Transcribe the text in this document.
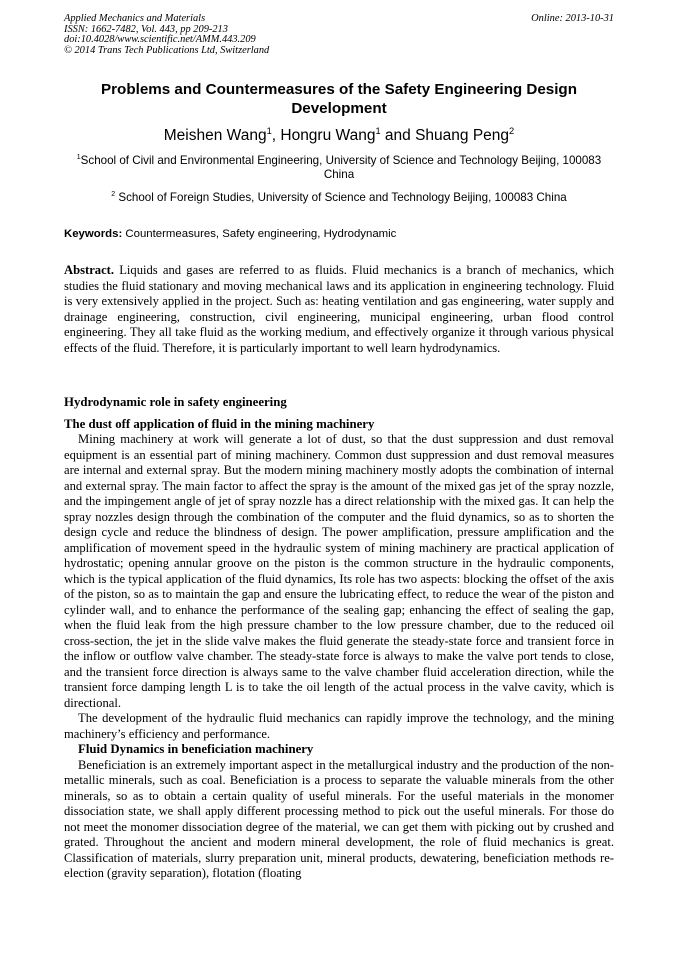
Applied Mechanics and Materials
ISSN: 1662-7482, Vol. 443, pp 209-213
doi:10.4028/www.scientific.net/AMM.443.209
© 2014 Trans Tech Publications Ltd, Switzerland
Online: 2013-10-31
Problems and Countermeasures of the Safety Engineering Design Development
Meishen Wang$^1$, Hongru Wang$^1$ and Shuang Peng$^2$
$^1$School of Civil and Environmental Engineering, University of Science and Technology Beijing, 100083 China
$^2$ School of Foreign Studies, University of Science and Technology Beijing, 100083 China
Keywords: Countermeasures, Safety engineering, Hydrodynamic
Abstract. Liquids and gases are referred to as fluids. Fluid mechanics is a branch of mechanics, which studies the fluid stationary and moving mechanical laws and its application in engineering technology. Fluid is very extensively applied in the project. Such as: heating ventilation and gas engineering, water supply and drainage engineering, construction, civil engineering, municipal engineering, urban flood control engineering. They all take fluid as the working medium, and effectively organize it through various physical effects of the fluid. Therefore, it is particularly important to well learn hydrodynamics.
Hydrodynamic role in safety engineering
The dust off application of fluid in the mining machinery

Mining machinery at work will generate a lot of dust, so that the dust suppression and dust removal equipment is an essential part of mining machinery. Common dust suppression and dust removal measures are internal and external spray. But the modern mining machinery mostly adopts the combination of internal and external spray. The main factor to affect the spray is the amount of the mixed gas jet of the spray nozzle, and the impingement angle of jet of spray nozzle has a direct relationship with the mixed gas. It can help the spray nozzles design through the combination of the computer and the fluid dynamics, so as to shorten the design cycle and reduce the blindness of design. The power amplification, pressure amplification and the amplification of movement speed in the hydraulic system of mining machinery are practical application of hydrostatic; opening annular groove on the piston is the common structure in the hydraulic components, which is the typical application of the fluid dynamics, Its role has two aspects: blocking the offset of the axis of the piston, so as to maintain the gap and ensure the lubricating effect, to reduce the wear of the piston and cylinder wall, and to enhance the performance of the sealing gap; enhancing the effect of sealing the gap, when the fluid leak from the high pressure chamber to the low pressure chamber, due to the reduced oil cross-section, the jet in the slide valve makes the fluid generate the steady-state force and transient force in the inflow or outflow valve chamber. The steady-state force is always to make the valve port tends to close, and the transient force direction is always same to the valve chamber fluid acceleration direction, while the transient force damping length L is to take the oil length of the actual process in the valve cavity, which is directional.

The development of the hydraulic fluid mechanics can rapidly improve the technology, and the mining machinery’s efficiency and performance.

Fluid Dynamics in beneficiation machinery

Beneficiation is an extremely important aspect in the metallurgical industry and the production of the non-metallic minerals, such as coal. Beneficiation is a process to separate the valuable minerals from the other minerals, so as to obtain a certain quality of useful minerals. For the useful materials in the monomer dissociation state, we shall apply different processing method to pick out the useful minerals. For those do not meet the monomer dissociation degree of the material, we can get them with picking out by crushed and grated. Throughout the ancient and modern mineral development, the role of fluid mechanics is great. Classification of materials, slurry preparation unit, mineral products, dewatering, beneficiation methods re-election (gravity separation), flotation (floating
